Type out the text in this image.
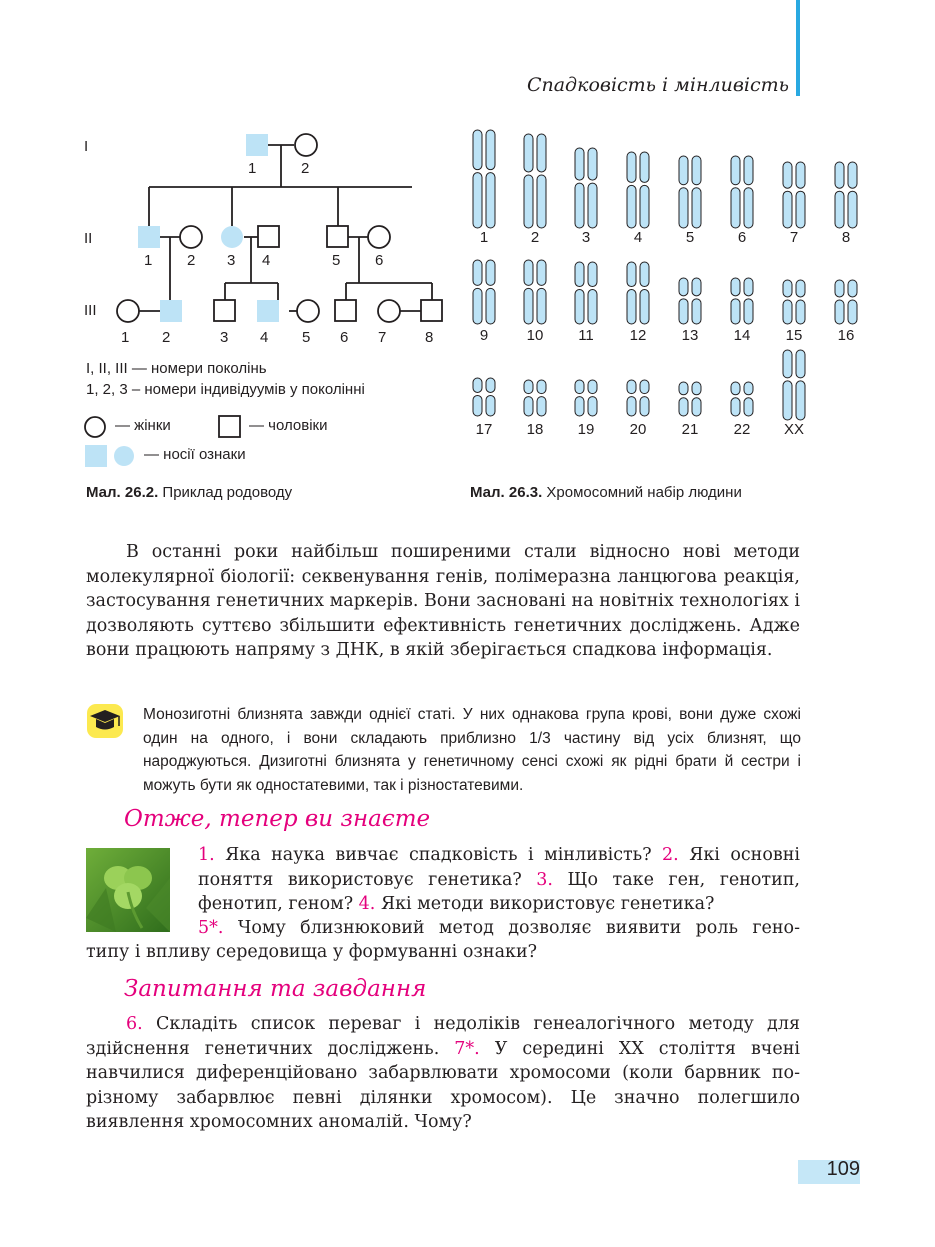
Спадковість і мінливість
I
II
III
1	2
1 2 3 4	5 6
1 2	3 4 5 6 7	8
I, II, III — номери поколінь
1, 2, 3 – номери індивідуумів у поколінні
— жінки	— чоловіки
— носії ознаки
Мал. 26.2. Приклад родоводу
1	2	3	4	5	6	7	8
9	10 11 12 13 14 15 16
17 18 19 20 21 22 XX
Мал. 26.3. Хромосомний набір людини
В останні роки найбільш поширеними стали відносно нові методи молекулярної біології: секвенування генів, полімеразна ланцюгова реакція, застосування генетичних маркерів. Вони засновані на новітніх технологіях і дозволяють суттєво збільшити ефективність генетичних досліджень. Адже вони працюють напряму з ДНК, в якій зберігається спадкова інформація.
Монозиготні близнята завжди однієї статі. У них однакова група крові, вони дуже схожі один на одного, і вони складають приблизно 1/3 частину від усіх близнят, що народжуються. Дизиготні близнята у генетичному сенсі схожі як рідні брати й сестри і можуть бути як одностатевими, так і різностатевими.
Отже, тепер ви знаєте
1. Яка наука вивчає спадковість і мінливість? 2. Які основні поняття використовує генетика? 3. Що таке ген, генотип, фенотип, геном? 4. Які методи використовує генетика?
5*. Чому близнюковий метод дозволяє виявити роль гено-
типу і впливу середовища у формуванні ознаки?
Запитання та завдання
6. Складіть список переваг і недоліків генеалогічного методу для здійснення генетичних досліджень. 7*. У середині XX століття вчені навчилися диференційовано забарвлювати хромосоми (коли барвник по-різному забарвлює певні ділянки хромосом). Це значно полегшило виявлення хромосомних аномалій. Чому?
109
